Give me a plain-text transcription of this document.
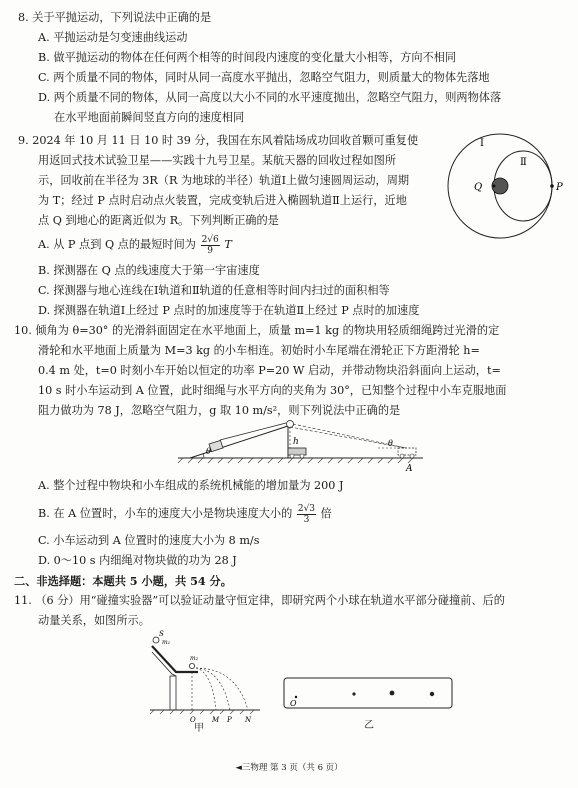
8. 关于平抛运动，下列说法中正确的是
A. 平抛运动是匀变速曲线运动
B. 做平抛运动的物体在任何两个相等的时间段内速度的变化量大小相等，方向不相同
C. 两个质量不同的物体，同时从同一高度水平抛出，忽略空气阻力，则质量大的物体先落地
D. 两个质量不同的物体，从同一高度以大小不同的水平速度抛出，忽略空气阻力，则两物体落
在水平地面前瞬间竖直方向的速度相同
9. 2024 年 10 月 11 日 10 时 39 分，我国在东风着陆场成功回收首颗可重复使
用返回式技术试验卫星——实践十九号卫星。某航天器的回收过程如图所
示，回收前在半径为 3R（R 为地球的半径）轨道Ⅰ上做匀速圆周运动，周期
为 T；经过 P 点时启动点火装置，完成变轨后进入椭圆轨道Ⅱ上运行，近地
点 Q 到地心的距离近似为 R。下列判断正确的是
Ⅰ
Ⅱ
P
Q
A. 从 P 点到 Q 点的最短时间为 $\frac{2√6}{9}$ T
B. 探测器在 Q 点的线速度大于第一宇宙速度
C. 探测器与地心连线在Ⅰ轨道和Ⅱ轨道的任意相等时间内扫过的面积相等
D. 探测器在轨道Ⅰ上经过 P 点时的加速度等于在轨道Ⅱ上经过 P 点时的加速度
10. 倾角为 θ=30° 的光滑斜面固定在水平地面上，质量 m=1 kg 的物块用轻质细绳跨过光滑的定
滑轮和水平地面上质量为 M=3 kg 的小车相连。初始时小车尾端在滑轮正下方距滑轮 h=
0.4 m 处，t=0 时刻小车开始以恒定的功率 P=20 W 启动，并带动物块沿斜面向上运动，t=
10 s 时小车运动到 A 位置，此时细绳与水平方向的夹角为 30°，已知整个过程中小车克服地面
阻力做功为 78 J，忽略空气阻力，g 取 10 m/s²，则下列说法中正确的是
h	θ
θ
A
A. 整个过程中物块和小车组成的系统机械能的增加量为 200 J
B. 在 A 位置时，小车的速度大小是物块速度大小的 $\frac{2√3}{3}$ 倍
C. 小车运动到 A 位置时的速度大小为 8 m/s
D. 0～10 s 内细绳对物块做的功为 28 J
二、非选择题：本题共 5 小题，共 54 分。
11. （6 分）用“碰撞实验器”可以验证动量守恒定律，即研究两个小球在轨道水平部分碰撞前、后的
动量关系，如图所示。
S
m₁
m₂
O M P N
甲
O
乙
◄三物理 第 3 页（共 6 页）
